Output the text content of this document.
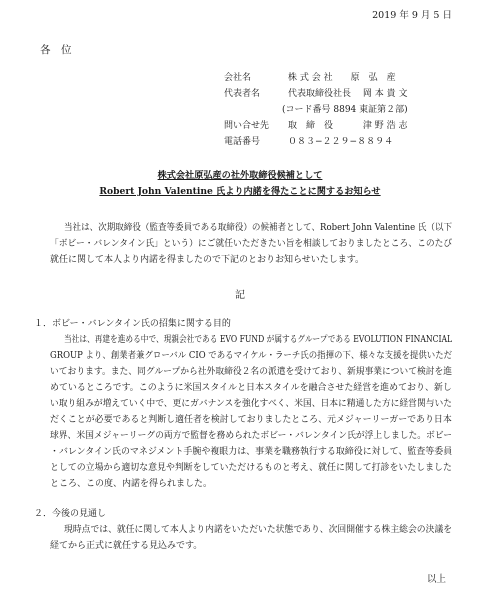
2019 年 9 月 5 日
各　位
会社名	株 式 会 社　　原　弘　産
代表者名	代表取締役社長　 岡 本 貴 文
(コード番号 8894 東証第２部)
問い合せ先 取　締　役　　　 津 野 浩 志
電話番号	０８３−２２９−８８９４
株式会社原弘産の社外取締役候補として
Robert John Valentine 氏より内諾を得たことに関するお知らせ
当社は、次期取締役（監査等委員である取締役）の候補者として、Robert John Valentine 氏（以下
「ボビー・バレンタイン氏」という）にご就任いただきたい旨を相談しておりましたところ、このたび
就任に関して本人より内諾を得ましたので下記のとおりお知らせいたします。
記
１．ボビー・バレンタイン氏の招集に関する目的
当社は、再建を進める中で、現親会社である EVO FUND が属するグループである EVOLUTION FINANCIAL
GROUP より、創業者兼グローバル CIO であるマイケル・ラーチ氏の指揮の下、様々な支援を提供いただ
いております。また、同グループから社外取締役２名の派遣を受けており、新規事業について検討を進
めているところです。このように米国スタイルと日本スタイルを融合させた経営を進めており、新し
い取り組みが増えていく中で、更にガバナンスを強化すべく、米国、日本に精通した方に経営関与いた
だくことが必要であると判断し適任者を検討しておりましたところ、元メジャーリーガーであり日本
球界、米国メジャーリーグの両方で監督を務められたボビー・バレンタイン氏が浮上しました。ボビー
・バレンタイン氏のマネジメント手腕や複眼力は、事業を職務執行する取締役に対して、監査等委員
としての立場から適切な意見や判断をしていただけるものと考え、就任に関して打診をいたしました
ところ、この度、内諾を得られました。
２．今後の見通し
現時点では、就任に関して本人より内諾をいただいた状態であり、次回開催する株主総会の決議を
経てから正式に就任する見込みです。
以上
